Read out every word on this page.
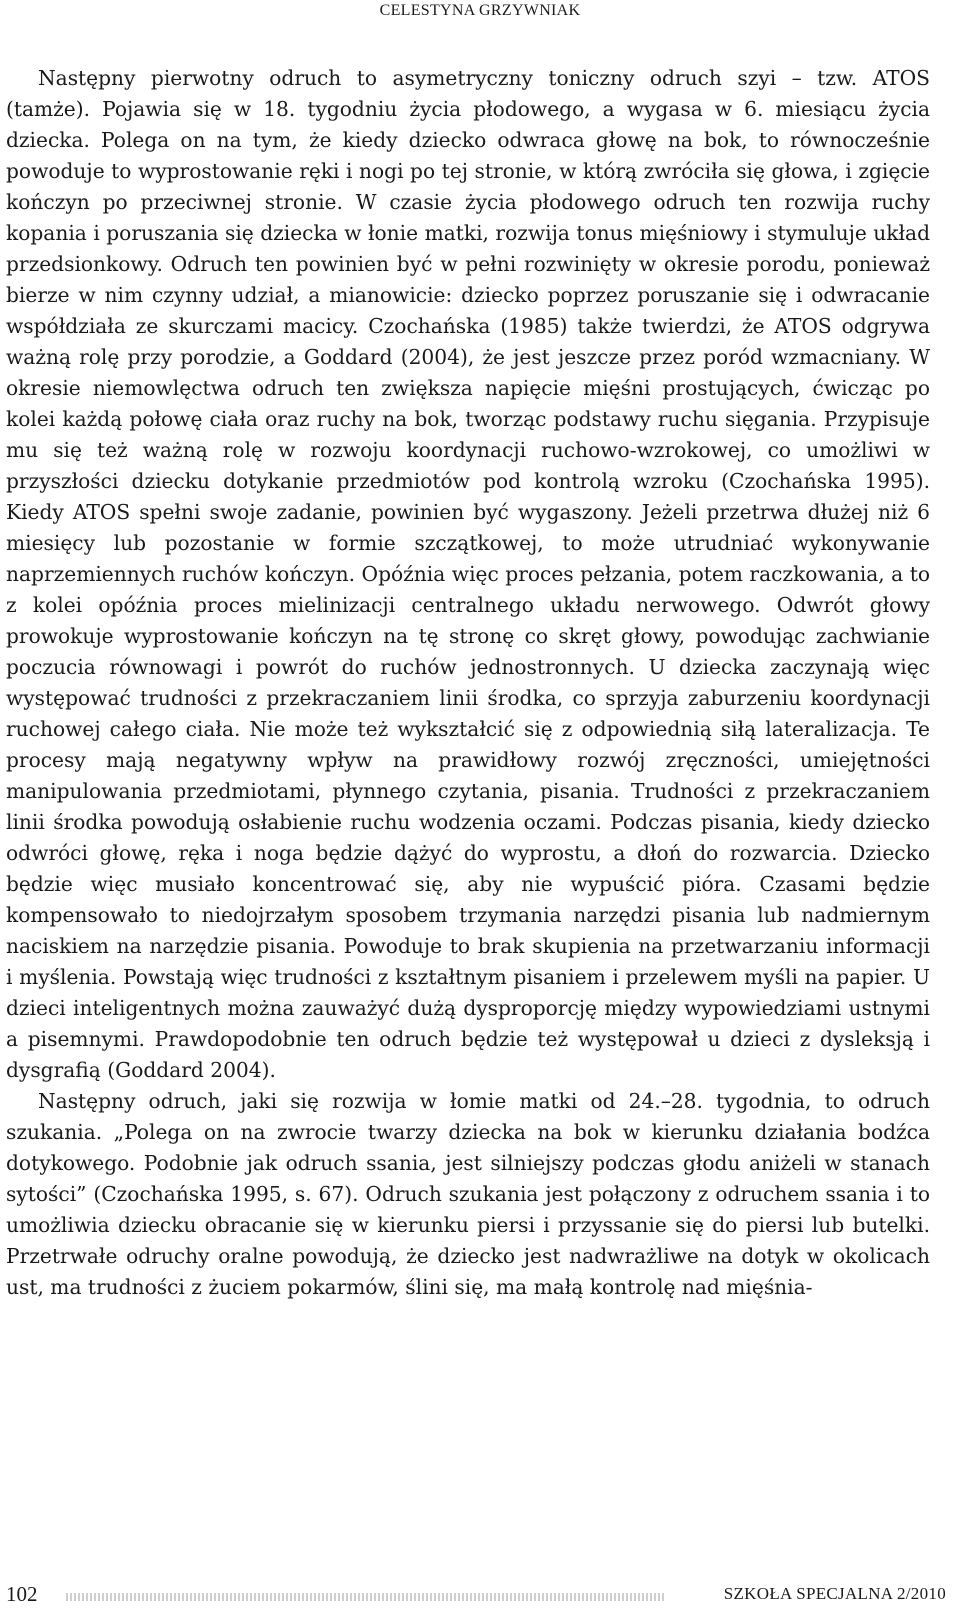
CELESTYNA GRZYWNIAK

Następny pierwotny odruch to asymetryczny toniczny odruch szyi – tzw. ATOS (tamże). Pojawia się w 18. tygodniu życia płodowego, a wygasa w 6. miesiącu życia dziecka. Polega on na tym, że kiedy dziecko odwraca głowę na bok, to równocześnie powoduje to wyprostowanie ręki i nogi po tej stronie, w którą zwróciła się głowa, i zgięcie kończyn po przeciwnej stronie. W czasie życia płodowego odruch ten rozwija ruchy kopania i poruszania się dziecka w łonie matki, rozwija tonus mięśniowy i stymuluje układ przedsionkowy. Odruch ten powinien być w pełni rozwinięty w okresie porodu, ponieważ bierze w nim czynny udział, a mianowicie: dziecko poprzez poruszanie się i odwracanie współdziała ze skurczami macicy. Czochańska (1985) także twierdzi, że ATOS odgrywa ważną rolę przy porodzie, a Goddard (2004), że jest jeszcze przez poród wzmacniany. W okresie niemowlęctwa odruch ten zwiększa napięcie mięśni prostujących, ćwicząc po kolei każdą połowę ciała oraz ruchy na bok, tworząc podstawy ruchu sięgania. Przypisuje mu się też ważną rolę w rozwoju koordynacji ruchowo-wzrokowej, co umożliwi w przyszłości dziecku dotykanie przedmiotów pod kontrolą wzroku (Czochańska 1995). Kiedy ATOS spełni swoje zadanie, powinien być wygaszony. Jeżeli przetrwa dłużej niż 6 miesięcy lub pozostanie w formie szczątkowej, to może utrudniać wykonywanie naprzemiennych ruchów kończyn. Opóźnia więc proces pełzania, potem raczkowania, a to z kolei opóźnia proces mielinizacji centralnego układu nerwowego. Odwrót głowy prowokuje wyprostowanie kończyn na tę stronę co skręt głowy, powodując zachwianie poczucia równowagi i powrót do ruchów jednostronnych. U dziecka zaczynają więc występować trudności z przekraczaniem linii środka, co sprzyja zaburzeniu koordynacji ruchowej całego ciała. Nie może też wykształcić się z odpowiednią siłą lateralizacja. Te procesy mają negatywny wpływ na prawidłowy rozwój zręczności, umiejętności manipulowania przedmiotami, płynnego czytania, pisania. Trudności z przekraczaniem linii środka powodują osłabienie ruchu wodzenia oczami. Podczas pisania, kiedy dziecko odwróci głowę, ręka i noga będzie dążyć do wyprostu, a dłoń do rozwarcia. Dziecko będzie więc musiało koncentrować się, aby nie wypuścić pióra. Czasami będzie kompensowało to niedojrzałym sposobem trzymania narzędzi pisania lub nadmiernym naciskiem na narzędzie pisania. Powoduje to brak skupienia na przetwarzaniu informacji i myślenia. Powstają więc trudności z kształtnym pisaniem i przelewem myśli na papier. U dzieci inteligentnych można zauważyć dużą dysproporcję między wypowiedziami ustnymi a pisemnymi. Prawdopodobnie ten odruch będzie też występował u dzieci z dysleksją i dysgrafią (Goddard 2004).

Następny odruch, jaki się rozwija w łomie matki od 24.–28. tygodnia, to odruch szukania. „Polega on na zwrocie twarzy dziecka na bok w kierunku działania bodźca dotykowego. Podobnie jak odruch ssania, jest silniejszy podczas głodu aniżeli w stanach sytości” (Czochańska 1995, s. 67). Odruch szukania jest połączony z odruchem ssania i to umożliwia dziecku obracanie się w kierunku piersi i przyssanie się do piersi lub butelki. Przetrwałe odruchy oralne powodują, że dziecko jest nadwrażliwe na dotyk w okolicach ust, ma trudności z żuciem pokarmów, ślini się, ma małą kontrolę nad mięśnia-

102	SZKOŁA SPECJALNA 2/2010
